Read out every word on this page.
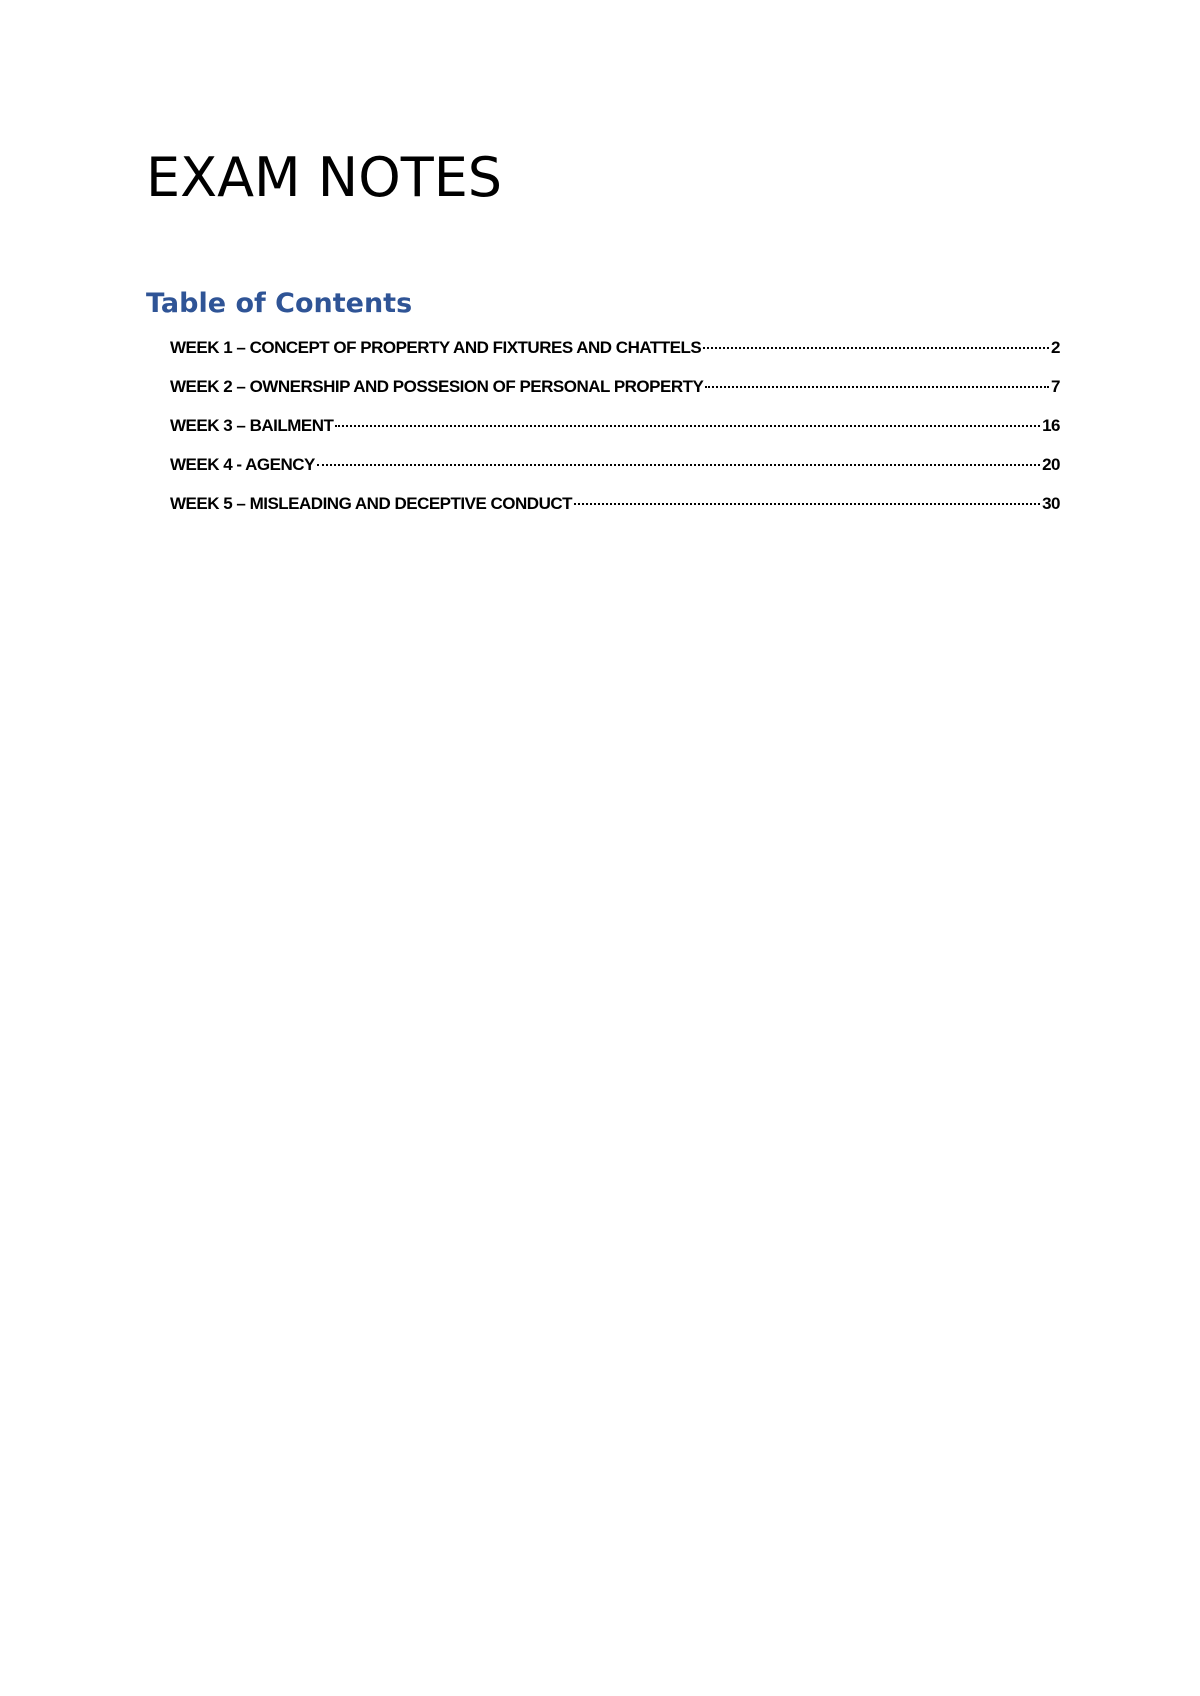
EXAM NOTES
Table of Contents
WEEK 1 – CONCEPT OF PROPERTY AND FIXTURES AND CHATTELS	2
WEEK 2 – OWNERSHIP AND POSSESION OF PERSONAL PROPERTY	7
WEEK 3 – BAILMENT	16
WEEK 4 - AGENCY	20
WEEK 5 – MISLEADING AND DECEPTIVE CONDUCT	30
